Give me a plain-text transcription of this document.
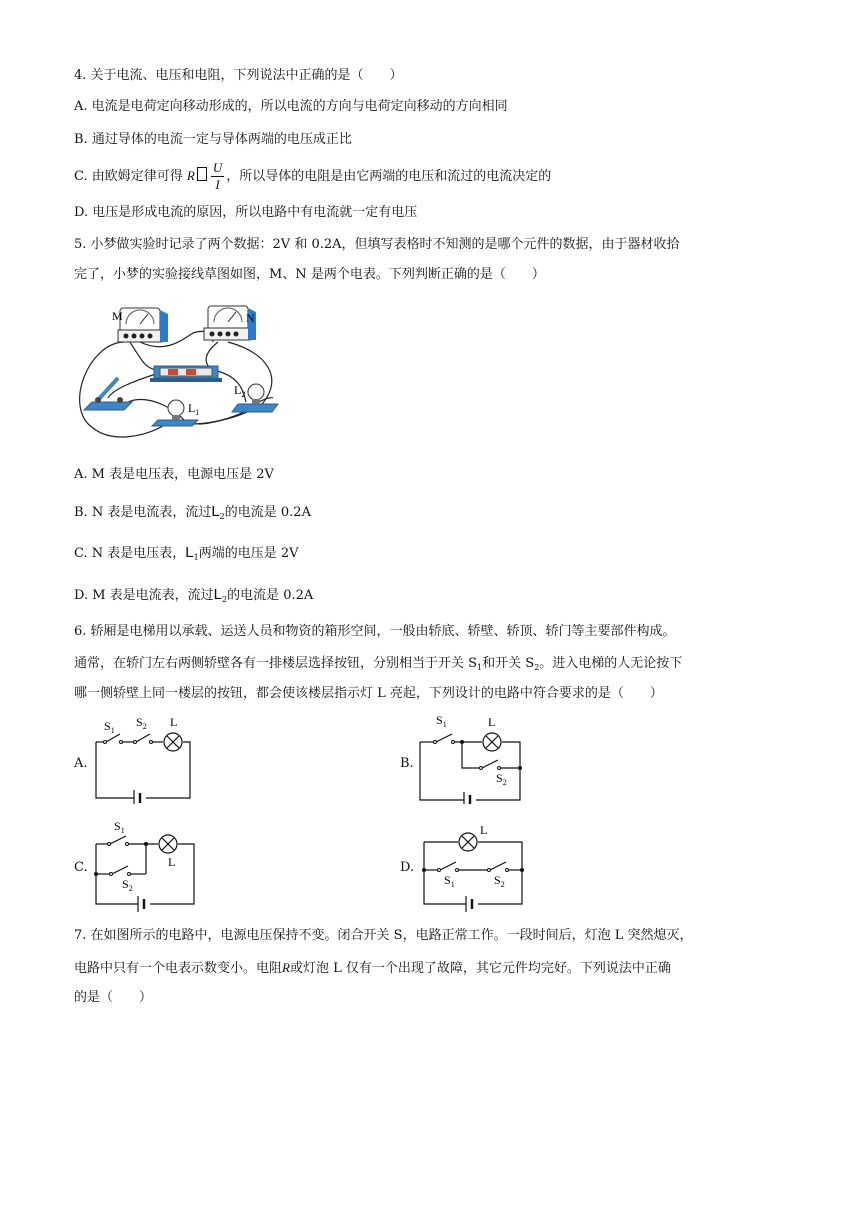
4. 关于电流、电压和电阻，下列说法中正确的是（　　）
A. 电流是电荷定向移动形成的，所以电流的方向与电荷定向移动的方向相同
B. 通过导体的电流一定与导体两端的电压成正比
C. 由欧姆定律可得 R $\frac{U}{I}$ ，所以导体的电阻是由它两端的电压和流过的电流决定的
D. 电压是形成电流的原因，所以电路中有电流就一定有电压
5. 小梦做实验时记录了两个数据：2V 和 0.2A，但填写表格时不知测的是哪个元件的数据，由于器材收拾
完了，小梦的实验接线草图如图，M、N 是两个电表。下列判断正确的是（　　）
M	N
$L_1$
$L_2$
A. M 表是电压表，电源电压是 2V
B. N 表是电流表，流过$L_2$的电流是 0.2A
C. N 表是电压表，$L_1$两端的电压是 2V
D. M 表是电流表，流过$L_2$的电流是 0.2A
6. 轿厢是电梯用以承载、运送人员和物资的箱形空间，一般由轿底、轿壁、轿顶、轿门等主要部件构成。
通常，在轿门左右两侧轿壁各有一排楼层选择按钮，分别相当于开关 $S_1$和开关 $S_2$。进入电梯的人无论按下
哪一侧轿壁上同一楼层的按钮，都会使该楼层指示灯 L 亮起，下列设计的电路中符合要求的是（　　）
A.
$S_1$
$S_2$ L
B.
$S_1$	L
$S_2$
C.
$S_1$
L
$S_2$
D.
L
$S_1$	$S_2$
7. 在如图所示的电路中，电源电压保持不变。闭合开关 S，电路正常工作。一段时间后，灯泡 L 突然熄灭，
电路中只有一个电表示数变小。电阻R或灯泡 L 仅有一个出现了故障，其它元件均完好。下列说法中正确
的是（　　）
